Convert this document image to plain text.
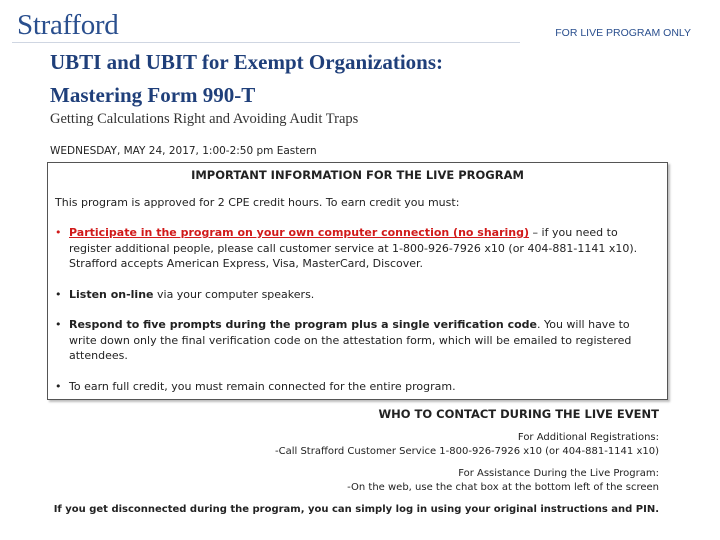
Strafford	FOR LIVE PROGRAM ONLY
UBTI and UBIT for Exempt Organizations:
Mastering Form 990-T
Getting Calculations Right and Avoiding Audit Traps
WEDNESDAY, MAY 24, 2017, 1:00-2:50 pm Eastern
IMPORTANT INFORMATION FOR THE LIVE PROGRAM
This program is approved for 2 CPE credit hours. To earn credit you must:
• Participate in the program on your own computer connection (no sharing) – if you need to register additional people, please call customer service at 1-800-926-7926 x10 (or 404-881-1141 x10). Strafford accepts American Express, Visa, MasterCard, Discover.
• Listen on-line via your computer speakers.
• Respond to five prompts during the program plus a single verification code. You will have to write down only the final verification code on the attestation form, which will be emailed to registered attendees.
• To earn full credit, you must remain connected for the entire program.
WHO TO CONTACT DURING THE LIVE EVENT
For Additional Registrations:
-Call Strafford Customer Service 1-800-926-7926 x10 (or 404-881-1141 x10)
For Assistance During the Live Program:
-On the web, use the chat box at the bottom left of the screen
If you get disconnected during the program, you can simply log in using your original instructions and PIN.
